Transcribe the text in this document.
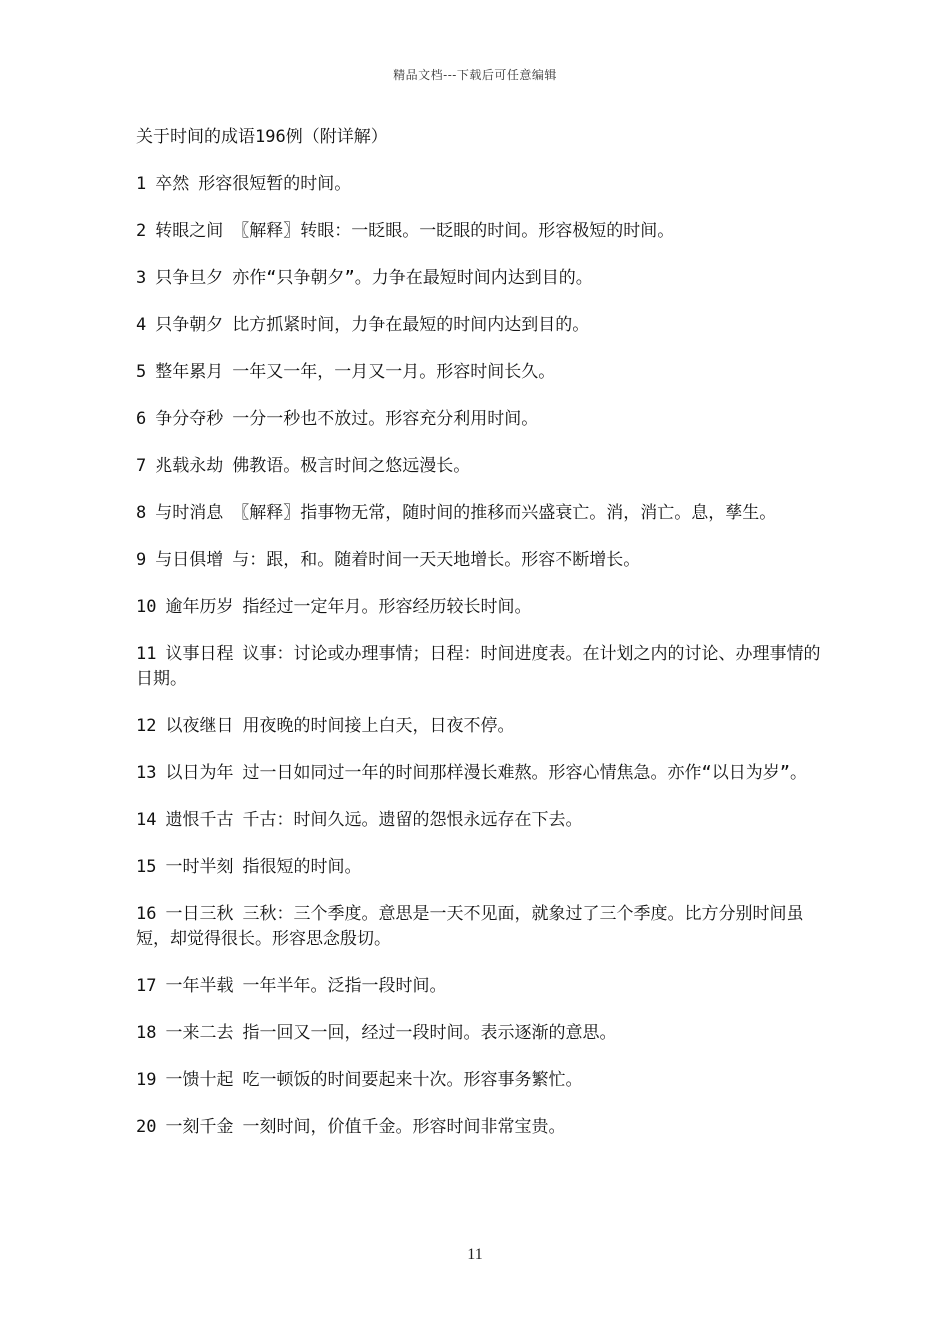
精品文档---下载后可任意编辑
关于时间的成语196例（附详解）
1 卒然 形容很短暂的时间。
2 转眼之间 〖解释〗转眼：一眨眼。一眨眼的时间。形容极短的时间。
3 只争旦夕 亦作“只争朝夕”。力争在最短时间内达到目的。
4 只争朝夕 比方抓紧时间，力争在最短的时间内达到目的。
5 整年累月 一年又一年，一月又一月。形容时间长久。
6 争分夺秒 一分一秒也不放过。形容充分利用时间。
7 兆载永劫 佛教语。极言时间之悠远漫长。
8 与时消息 〖解释〗指事物无常，随时间的推移而兴盛衰亡。消，消亡。息，孳生。
9 与日俱增 与：跟，和。随着时间一天天地增长。形容不断增长。
10 逾年历岁 指经过一定年月。形容经历较长时间。
11 议事日程 议事：讨论或办理事情；日程：时间进度表。在计划之内的讨论、办理事情的日期。
12 以夜继日 用夜晚的时间接上白天，日夜不停。
13 以日为年 过一日如同过一年的时间那样漫长难熬。形容心情焦急。亦作“以日为岁”。
14 遗恨千古 千古：时间久远。遗留的怨恨永远存在下去。
15 一时半刻 指很短的时间。
16 一日三秋 三秋：三个季度。意思是一天不见面，就象过了三个季度。比方分别时间虽短，却觉得很长。形容思念殷切。
17 一年半载 一年半年。泛指一段时间。
18 一来二去 指一回又一回，经过一段时间。表示逐渐的意思。
19 一馈十起 吃一顿饭的时间要起来十次。形容事务繁忙。
20 一刻千金 一刻时间，价值千金。形容时间非常宝贵。
11
